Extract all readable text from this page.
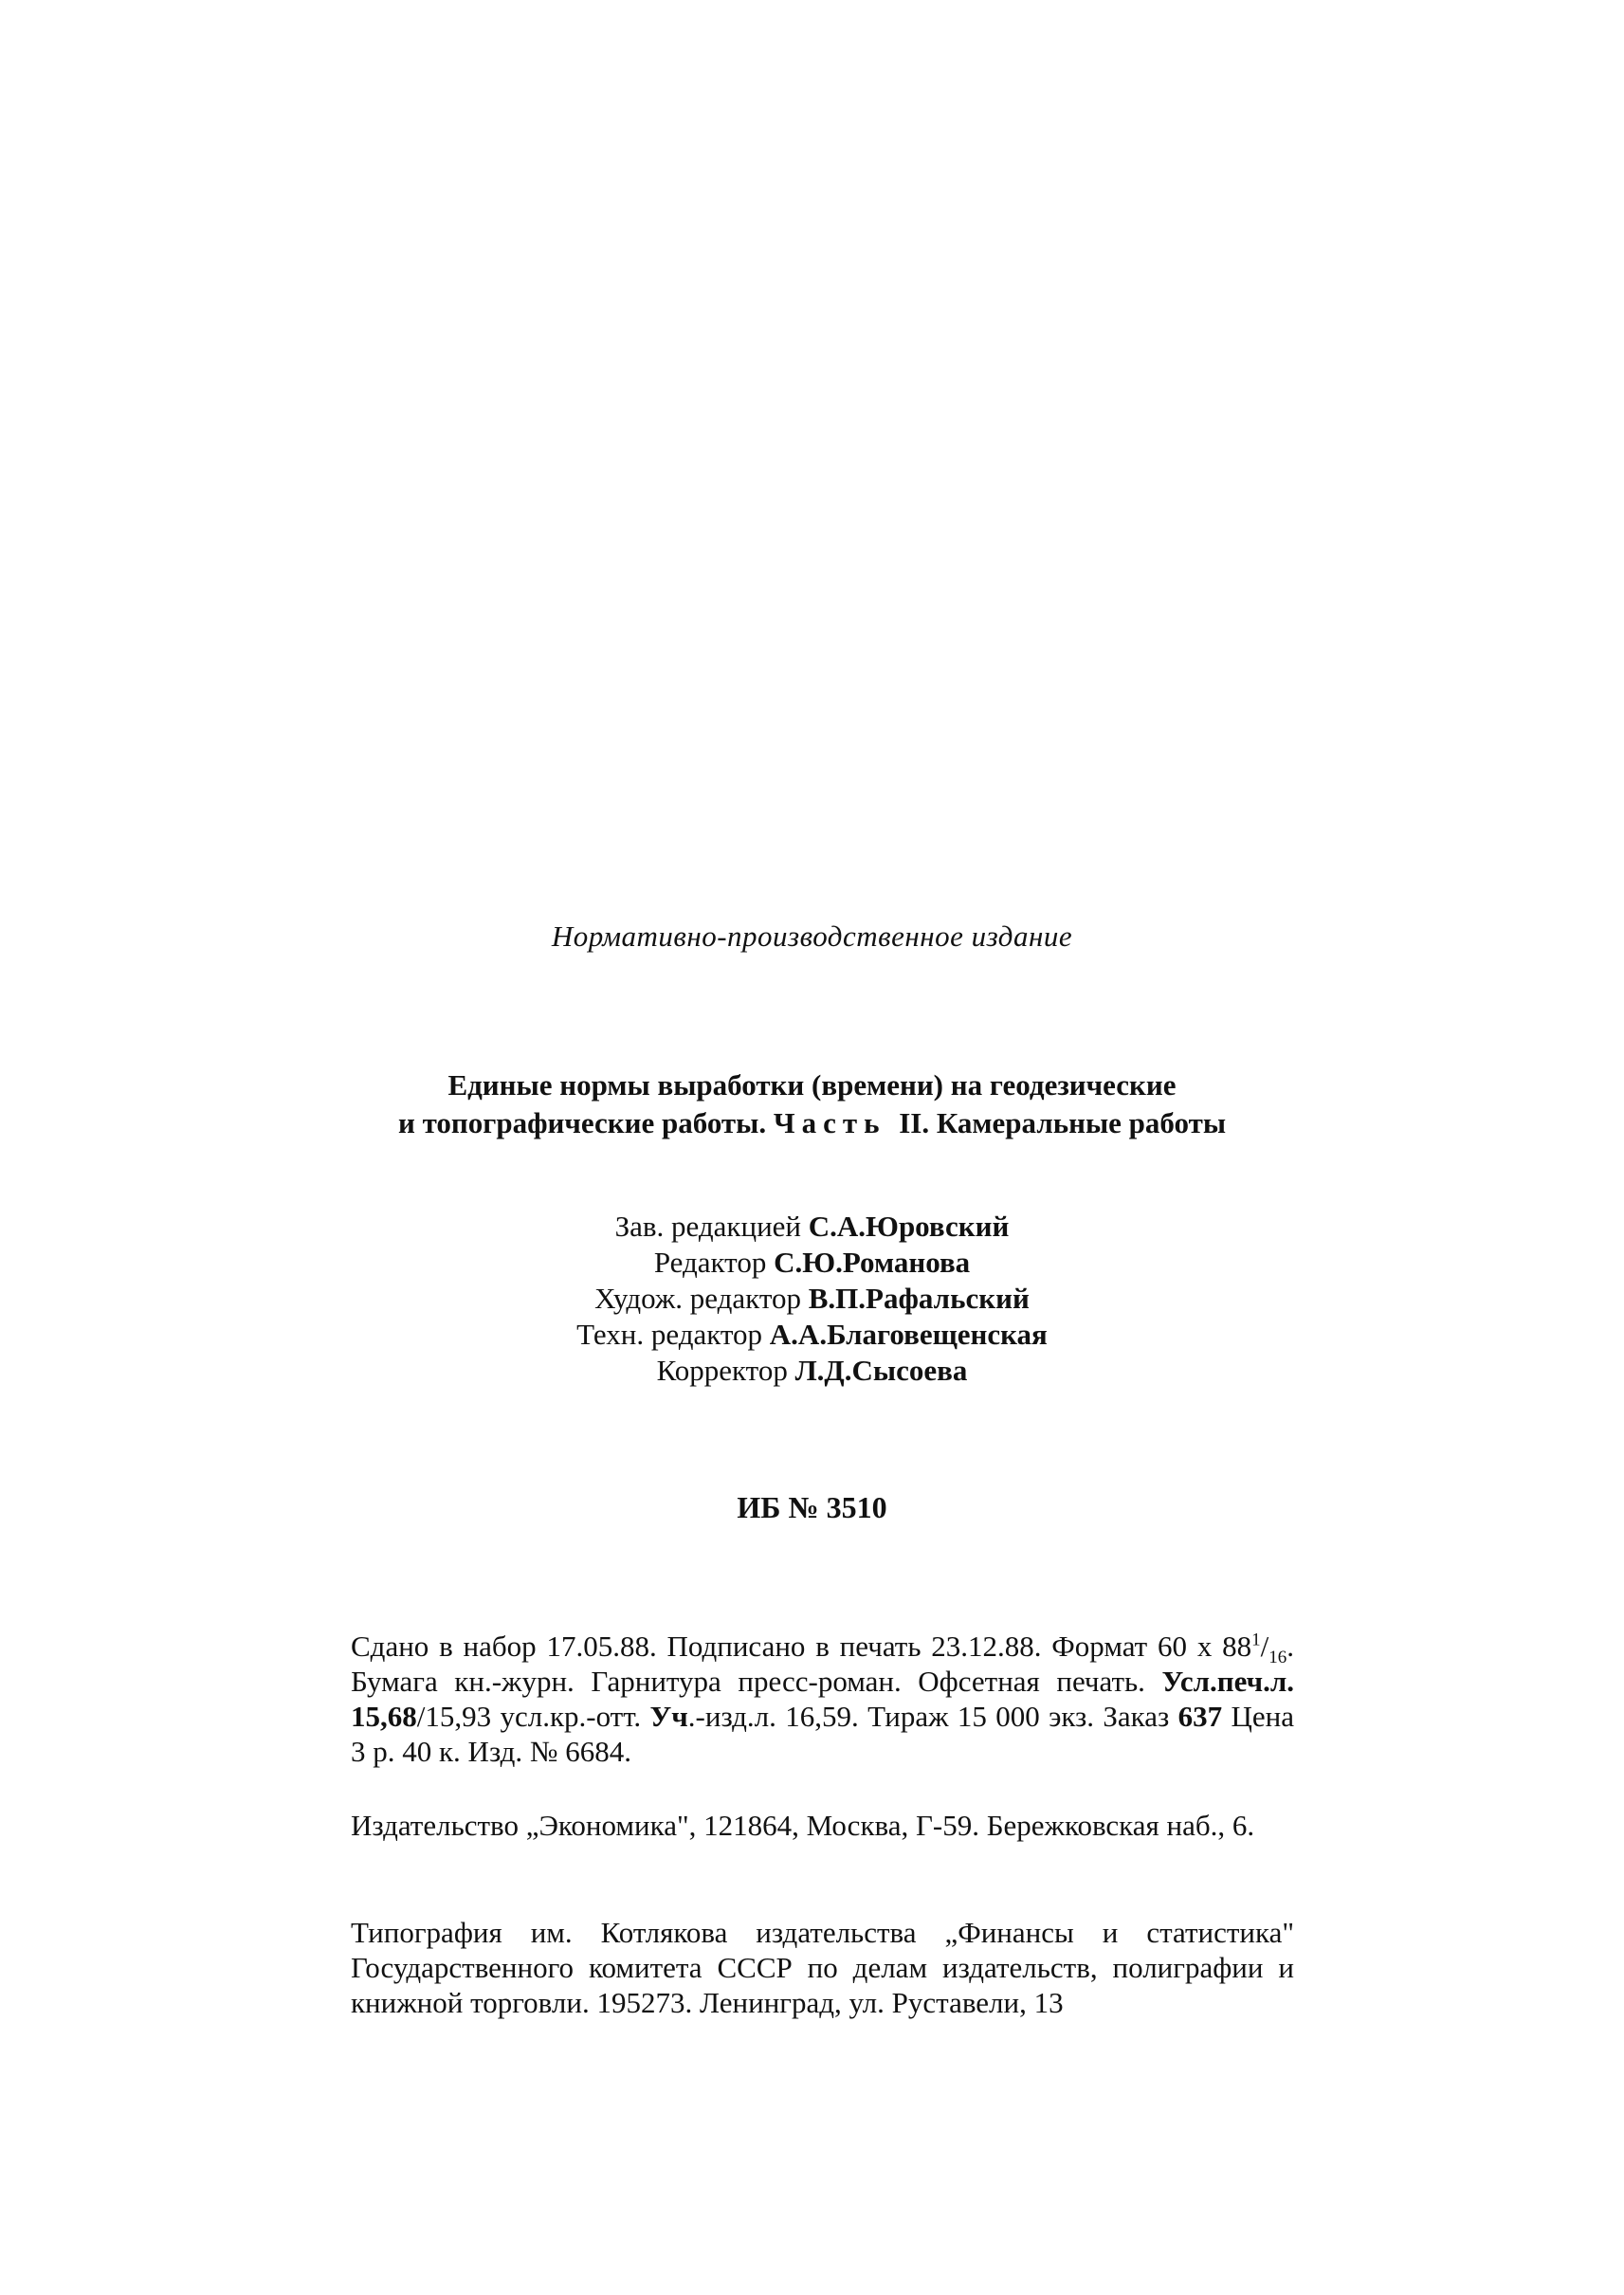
Нормативно-производственное издание
Единые нормы выработки (времени) на геодезические
и топографические работы. Часть II. Камеральные работы
Зав. редакцией С.А.Юровский
Редактор С.Ю.Романова
Худож. редактор В.П.Рафальский
Техн. редактор А.А.Благовещенская
Корректор Л.Д.Сысоева
ИБ № 3510
Сдано в набор 17.05.88. Подписано в печать 23.12.88. Формат 60 x $88^1/_{16}$. Бумага кн.-журн. Гарнитура пресс-роман. Офсетная печать. Усл.печ.л. 15,68/15,93 усл.кр.-отт. Уч.-изд.л. 16,59. Тираж 15 000 экз. Заказ 637 Цена 3 р. 40 к. Изд. № 6684.
Издательство „Экономика", 121864, Москва, Г-59. Бережковская наб., 6.
Типография им. Котлякова издательства „Финансы и статистика" Государственного комитета СССР по делам издательств, полиграфии и книжной торговли. 195273. Ленинград, ул. Руставели, 13
